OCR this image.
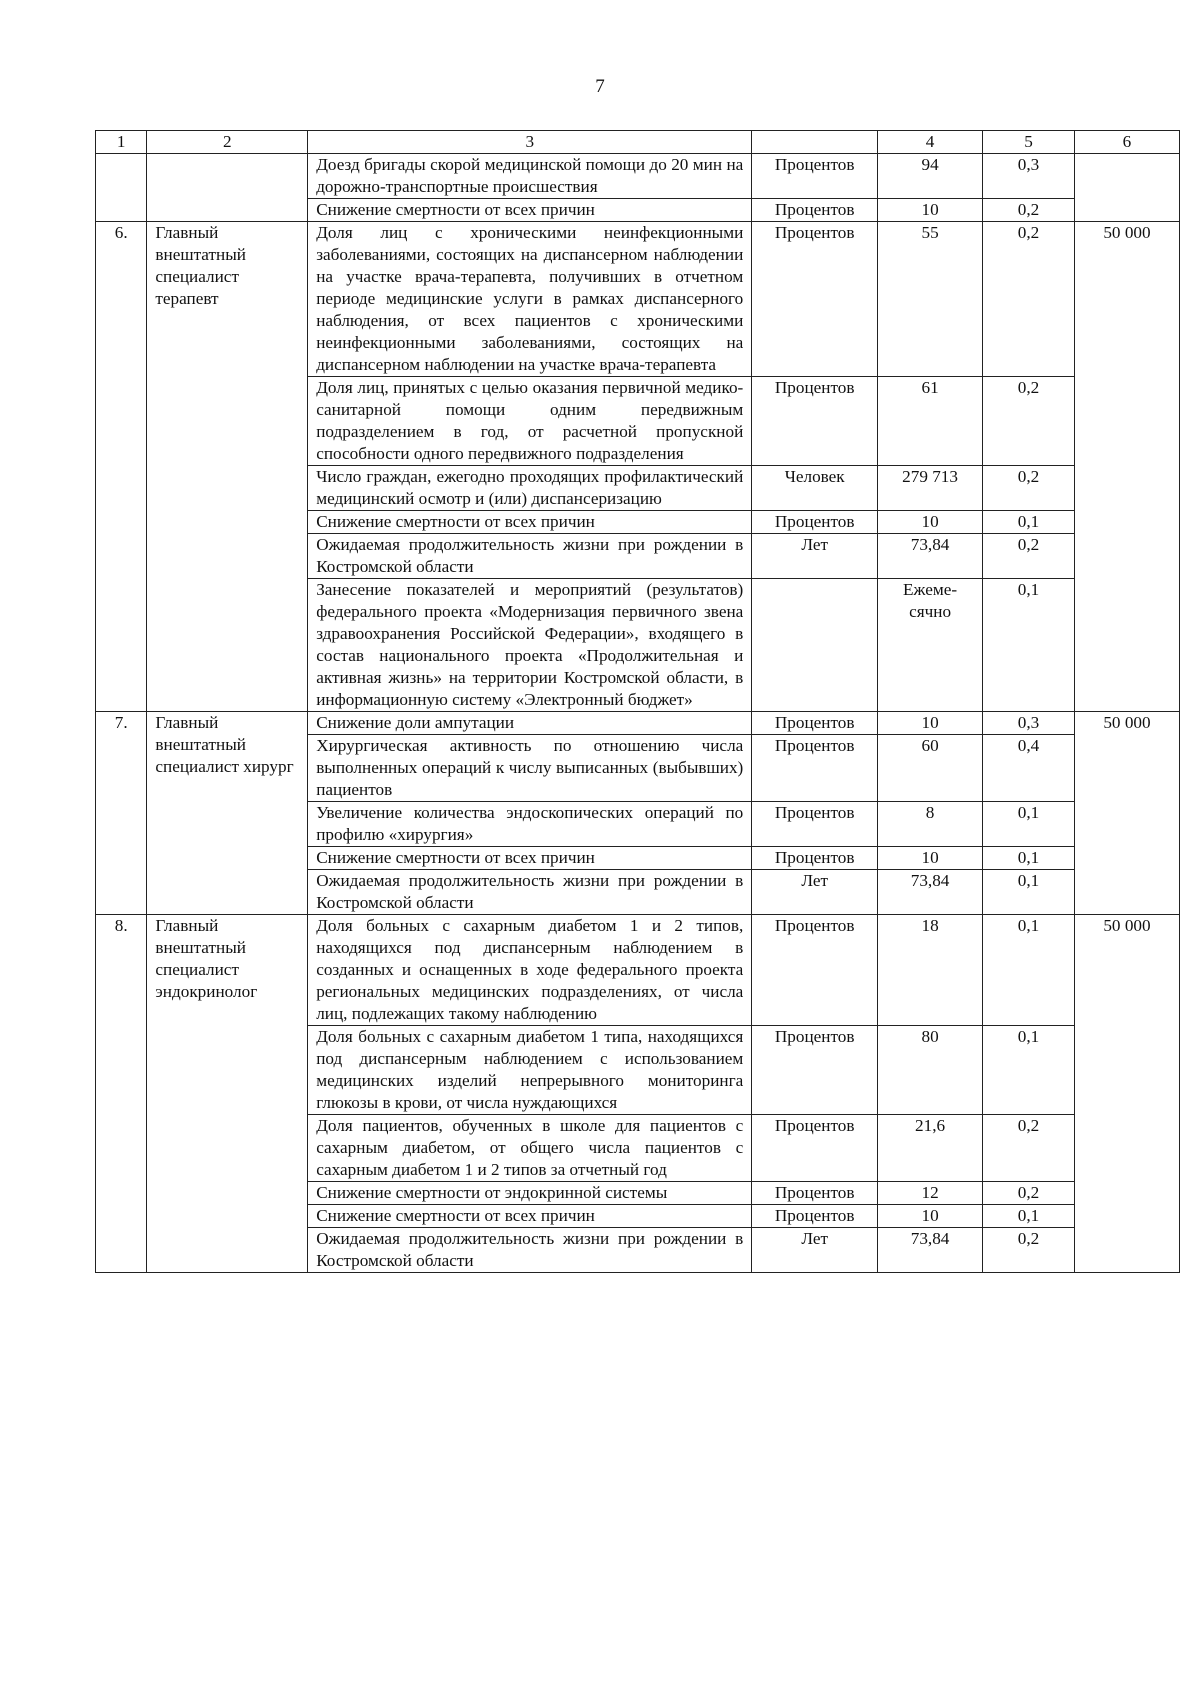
7
1	2	3		4	5	6
		Доезд бригады скорой медицинской помощи до 20 мин на дорожно-транспортные происшествия	Процентов	94	0,3	
		Снижение смертности от всех причин	Процентов	10	0,2	
6.	Главный внештатный специалист терапевт	Доля лиц с хроническими неинфекционными заболеваниями, состоящих на диспансерном наблюдении на участке врача-терапевта, получивших в отчетном периоде медицинские услуги в рамках диспансерного наблюдения, от всех пациентов с хроническими неинфекционными заболеваниями, состоящих на диспансерном наблюдении на участке врача-терапевта	Процентов	55	0,2	50 000
		Доля лиц, принятых с целью оказания первичной медико-санитарной помощи одним передвижным подразделением в год, от расчетной пропускной способности одного передвижного подразделения	Процентов	61	0,2	
		Число граждан, ежегодно проходящих профилактический медицинский осмотр и (или) диспансеризацию	Человек	279 713	0,2	
		Снижение смертности от всех причин	Процентов	10	0,1	
		Ожидаемая продолжительность жизни при рождении в Костромской области	Лет	73,84	0,2	
		Занесение показателей и мероприятий (результатов) федерального проекта «Модернизация первичного звена здравоохранения Российской Федерации», входящего в состав национального проекта «Продолжительная и активная жизнь» на территории Костромской области, в информационную систему «Электронный бюджет»		Ежеме-сячно	0,1	
7.	Главный внештатный специалист хирург	Снижение доли ампутации	Процентов	10	0,3	50 000
		Хирургическая активность по отношению числа выполненных операций к числу выписанных (выбывших) пациентов	Процентов	60	0,4	
		Увеличение количества эндоскопических операций по профилю «хирургия»	Процентов	8	0,1	
		Снижение смертности от всех причин	Процентов	10	0,1	
		Ожидаемая продолжительность жизни при рождении в Костромской области	Лет	73,84	0,1	
8.	Главный внештатный специалист эндокринолог	Доля больных с сахарным диабетом 1 и 2 типов, находящихся под диспансерным наблюдением в созданных и оснащенных в ходе федерального проекта региональных медицинских подразделениях, от числа лиц, подлежащих такому наблюдению	Процентов	18	0,1	50 000
		Доля больных с сахарным диабетом 1 типа, находящихся под диспансерным наблюдением с использованием медицинских изделий непрерывного мониторинга глюкозы в крови, от числа нуждающихся	Процентов	80	0,1	
		Доля пациентов, обученных в школе для пациентов с сахарным диабетом, от общего числа пациентов с сахарным диабетом 1 и 2 типов за отчетный год	Процентов	21,6	0,2	
		Снижение смертности от эндокринной системы	Процентов	12	0,2	
		Снижение смертности от всех причин	Процентов	10	0,1	
		Ожидаемая продолжительность жизни при рождении в Костромской области	Лет	73,84	0,2	
